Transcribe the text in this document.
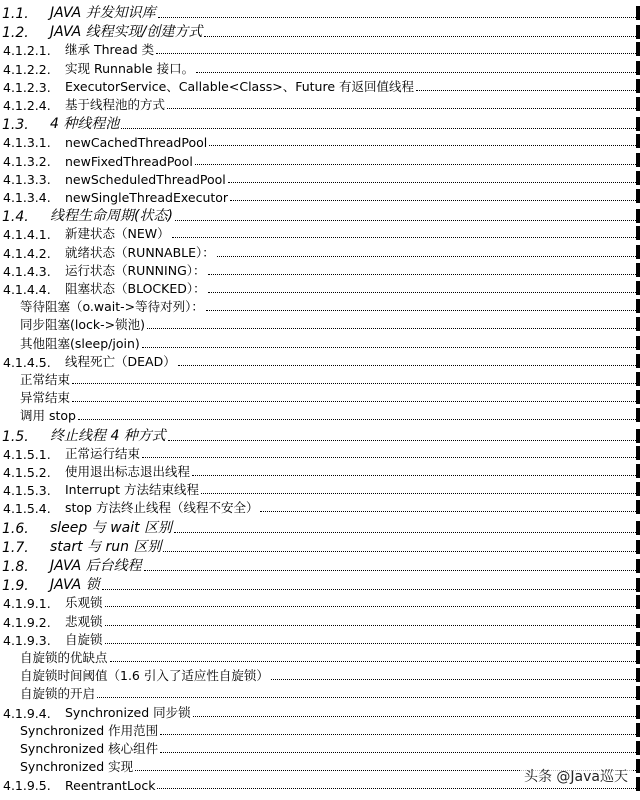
1.1.	JAVA 并发知识库
1.2.	JAVA 线程实现/创建方式
4.1.2.1.	继承 Thread 类
4.1.2.2.	实现 Runnable 接口。
4.1.2.3.	ExecutorService、Callable<Class>、Future 有返回值线程
4.1.2.4.	基于线程池的方式
1.3.	4 种线程池
4.1.3.1.	newCachedThreadPool
4.1.3.2.	newFixedThreadPool
4.1.3.3.	newScheduledThreadPool
4.1.3.4.	newSingleThreadExecutor
1.4.	线程生命周期(状态)
4.1.4.1.	新建状态（NEW）
4.1.4.2.	就绪状态（RUNNABLE）：
4.1.4.3.	运行状态（RUNNING）：
4.1.4.4.	阻塞状态（BLOCKED）：
等待阻塞（o.wait->等待对列）：
同步阻塞(lock->锁池)
其他阻塞(sleep/join)
4.1.4.5.	线程死亡（DEAD）
正常结束
异常结束
调用 stop
1.5.	终止线程 4 种方式
4.1.5.1.	正常运行结束
4.1.5.2.	使用退出标志退出线程
4.1.5.3.	Interrupt 方法结束线程
4.1.5.4.	stop 方法终止线程（线程不安全）
1.6.	sleep 与 wait 区别
1.7.	start 与 run 区别
1.8.	JAVA 后台线程
1.9.	JAVA 锁
4.1.9.1.	乐观锁
4.1.9.2.	悲观锁
4.1.9.3.	自旋锁
自旋锁的优缺点
自旋锁时间阈值（1.6 引入了适应性自旋锁）
自旋锁的开启
4.1.9.4.	Synchronized 同步锁
Synchronized 作用范围
Synchronized 核心组件
Synchronized 实现
4.1.9.5.	ReentrantLock
头条 @Java巡天
